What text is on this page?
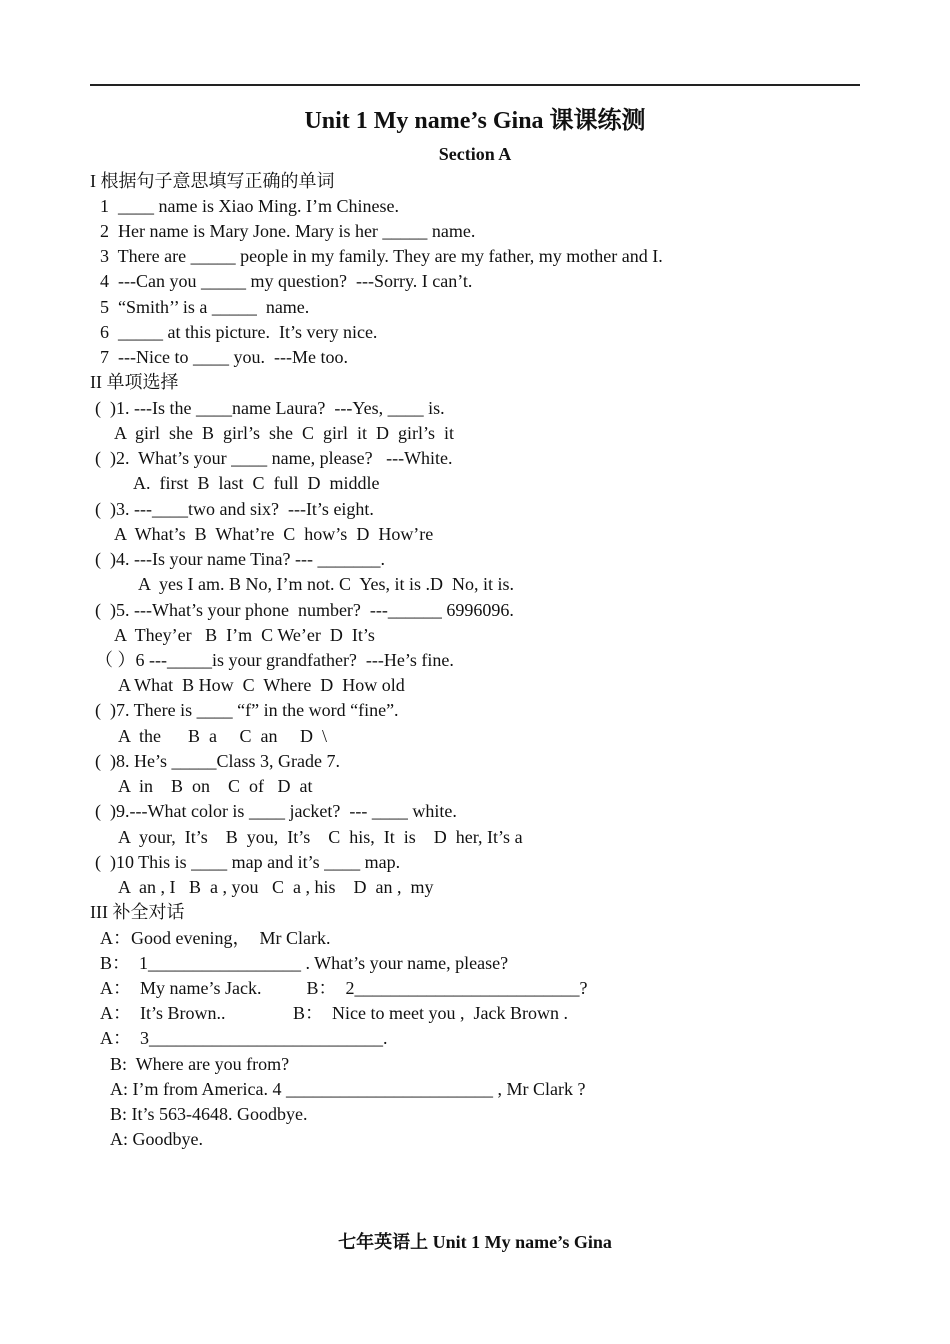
Unit 1 My name’s Gina 课课练测
Section A
I 根据句子意思填写正确的单词
1  ____ name is Xiao Ming. I’m Chinese.
2  Her name is Mary Jone. Mary is her _____ name.
3  There are _____ people in my family. They are my father, my mother and I.
4  ---Can you _____ my question?  ---Sorry. I can’t.
5  “Smith’’ is a _____  name.
6  _____ at this picture.  It’s very nice.
7  ---Nice to ____ you.  ---Me too.
II 单项选择
(  )1. ---Is the ____name Laura?  ---Yes, ____ is.
A  girl  she  B  girl’s  she  C  girl  it  D  girl’s  it
(  )2.  What’s your ____ name, please?   ---White.
A.  first  B  last  C  full  D  middle
(  )3. ---____two and six?  ---It’s eight.
A  What’s  B  What’re  C  how’s  D  How’re
(  )4. ---Is your name Tina? --- _______.
A  yes I am. B No, I’m not. C  Yes, it is .D  No, it is.
(  )5. ---What’s your phone  number?  ---______ 6996096.
A  They’er   B  I’m  C We’er  D  It’s
（ ）6 ---_____is your grandfather?  ---He’s fine.
A What  B How  C  Where  D  How old
(  )7. There is ____ “f” in the word “fine”.
A  the      B  a     C  an     D  \
(  )8. He’s _____Class 3, Grade 7.
A  in    B  on    C  of   D  at
(  )9.---What color is ____ jacket?  --- ____ white.
A  your,  It’s    B  you,  It’s    C  his,  It  is    D  her, It’s a
(  )10 This is ____ map and it’s ____ map.
A  an , I   B  a , you   C  a , his    D  an ,  my
III 补全对话
A：Good evening，  Mr Clark.
B：  1_________________ . What’s your name, please?
A：  My name’s Jack.          B：  2_________________________?
A：  It’s Brown..               B：  Nice to meet you ,  Jack Brown .
A：  3__________________________.
B:  Where are you from?
A: I’m from America. 4 _______________________ , Mr Clark ?
B: It’s 563-4648. Goodbye.
A: Goodbye.
七年英语上 Unit 1 My name’s Gina
